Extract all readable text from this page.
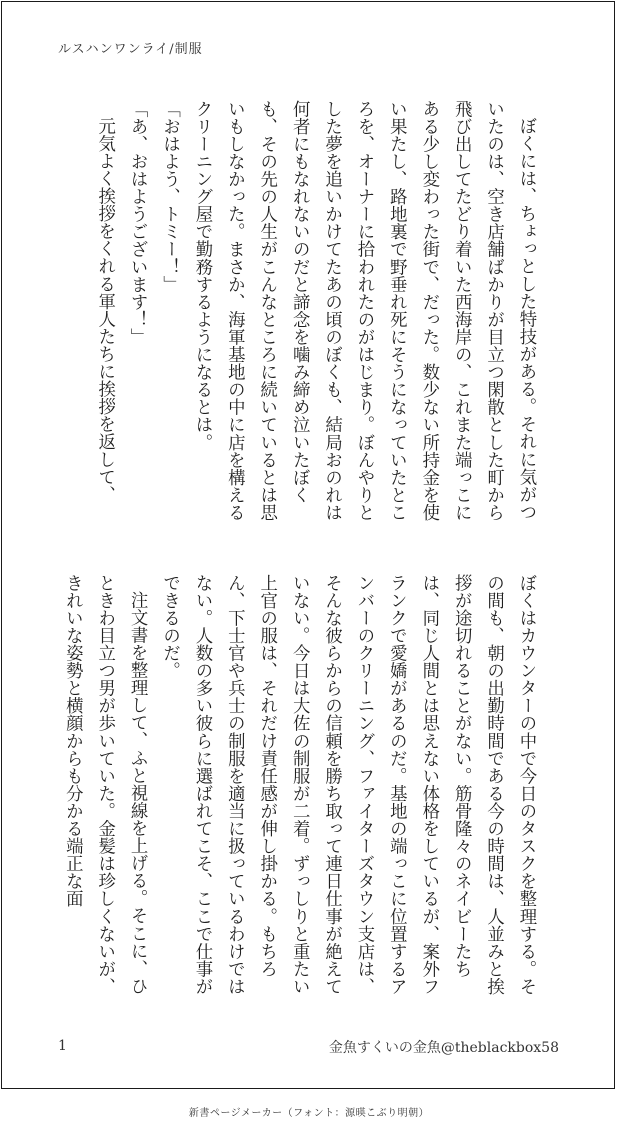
ルスハンワンライ/制服

ぼくには、ちょっとした特技がある。それに気がついたのは、空き店舗ばかりが目立つ閑散とした町から飛び出してたどり着いた西海岸の、これまた端っこにある少し変わった街で、だった。数少ない所持金を使い果たし、路地裏で野垂れ死にそうになっていたところを、オーナーに拾われたのがはじまり。ぼんやりとした夢を追いかけてたあの頃のぼくも、結局おのれは何者にもなれないのだと諦念を噛み締め泣いたぼくも、その先の人生がこんなところに続いているとは思いもしなかった。まさか、海軍基地の中に店を構えるクリーニング屋で勤務するようになるとは。

「おはよう、トミー！」

「あ、おはようございます！」

元気よく挨拶をくれる軍人たちに挨拶を返して、

ぼくはカウンターの中で今日のタスクを整理する。その間も、朝の出勤時間である今の時間は、人並みと挨拶が途切れることがない。筋骨隆々のネイビーたちは、同じ人間とは思えない体格をしているが、案外フランクで愛嬌があるのだ。基地の端っこに位置するアンバーのクリーニング、ファイターズタウン支店は、そんな彼らからの信頼を勝ち取って連日仕事が絶えていない。今日は大佐の制服が二着。ずっしりと重たい上官の服は、それだけ責任感が伸し掛かる。もちろん、下士官や兵士の制服を適当に扱っているわけではない。人数の多い彼らに選ばれてこそ、ここで仕事ができるのだ。

注文書を整理して、ふと視線を上げる。そこに、ひときわ目立つ男が歩いていた。金髪は珍しくないが、きれいな姿勢と横顔からも分かる端正な面

1	金魚すくいの金魚@theblackbox58
新書ページメーカー（フォント：源暎こぶり明朝）
